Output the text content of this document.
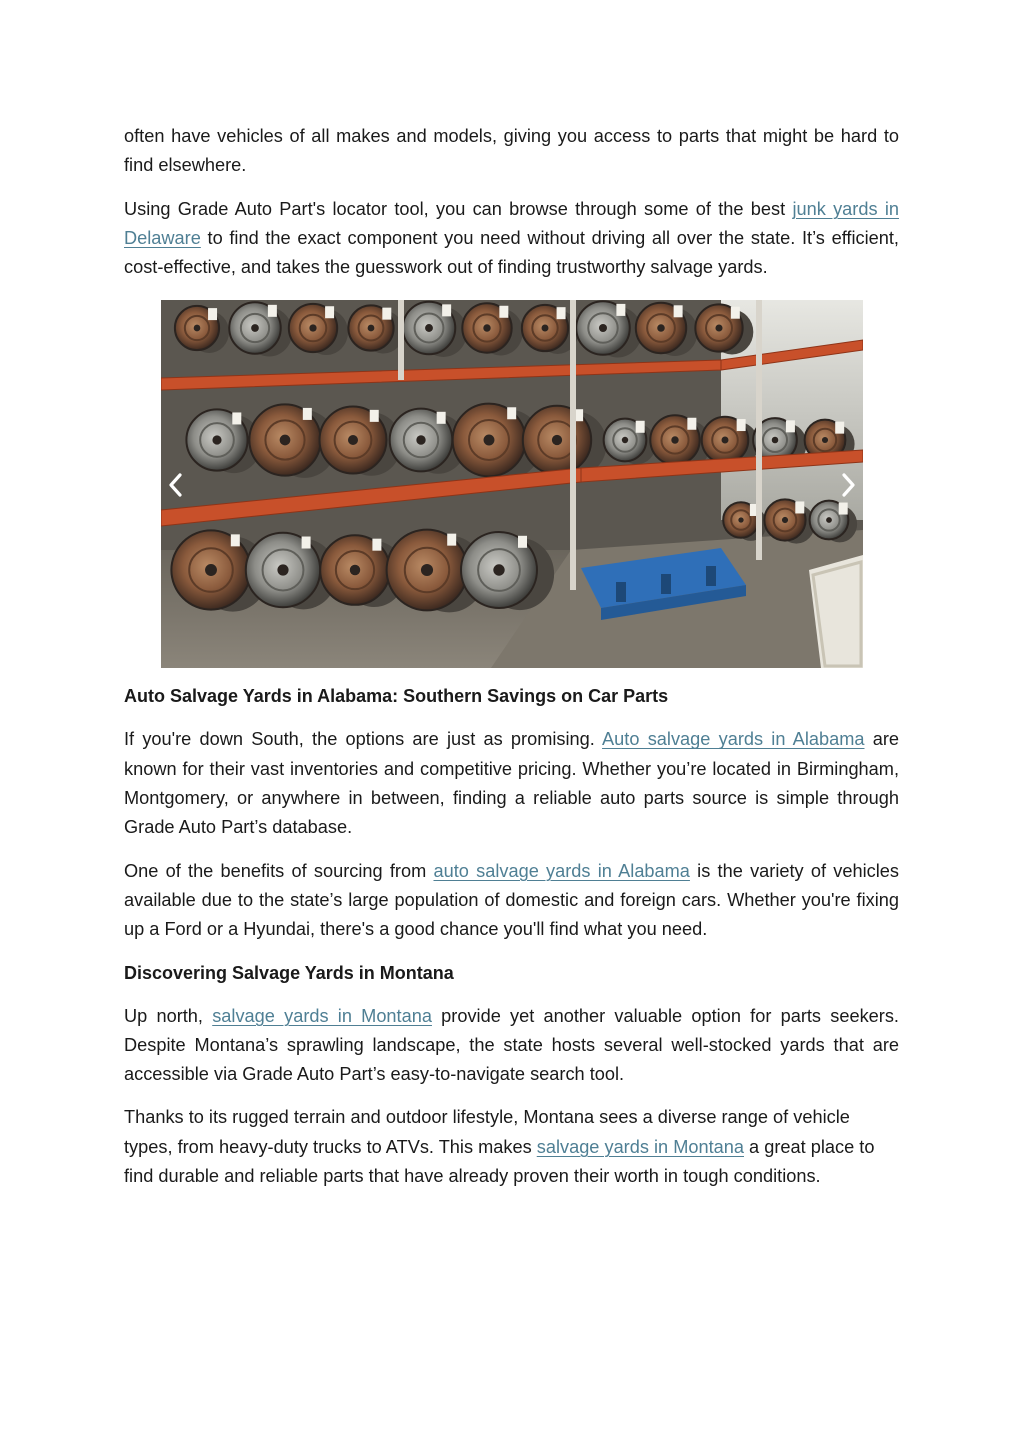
often have vehicles of all makes and models, giving you access to parts that might be hard to find elsewhere.

Using Grade Auto Part's locator tool, you can browse through some of the best junk yards in Delaware to find the exact component you need without driving all over the state. It’s efficient, cost-effective, and takes the guesswork out of finding trustworthy salvage yards.

Auto Salvage Yards in Alabama: Southern Savings on Car Parts

If you're down South, the options are just as promising. Auto salvage yards in Alabama are known for their vast inventories and competitive pricing. Whether you’re located in Birmingham, Montgomery, or anywhere in between, finding a reliable auto parts source is simple through Grade Auto Part’s database.

One of the benefits of sourcing from auto salvage yards in Alabama is the variety of vehicles available due to the state’s large population of domestic and foreign cars. Whether you're fixing up a Ford or a Hyundai, there's a good chance you'll find what you need.

Discovering Salvage Yards in Montana

Up north, salvage yards in Montana provide yet another valuable option for parts seekers. Despite Montana’s sprawling landscape, the state hosts several well-stocked yards that are accessible via Grade Auto Part’s easy-to-navigate search tool.

Thanks to its rugged terrain and outdoor lifestyle, Montana sees a diverse range of vehicle types, from heavy-duty trucks to ATVs. This makes salvage yards in Montana a great place to find durable and reliable parts that have already proven their worth in tough conditions.
